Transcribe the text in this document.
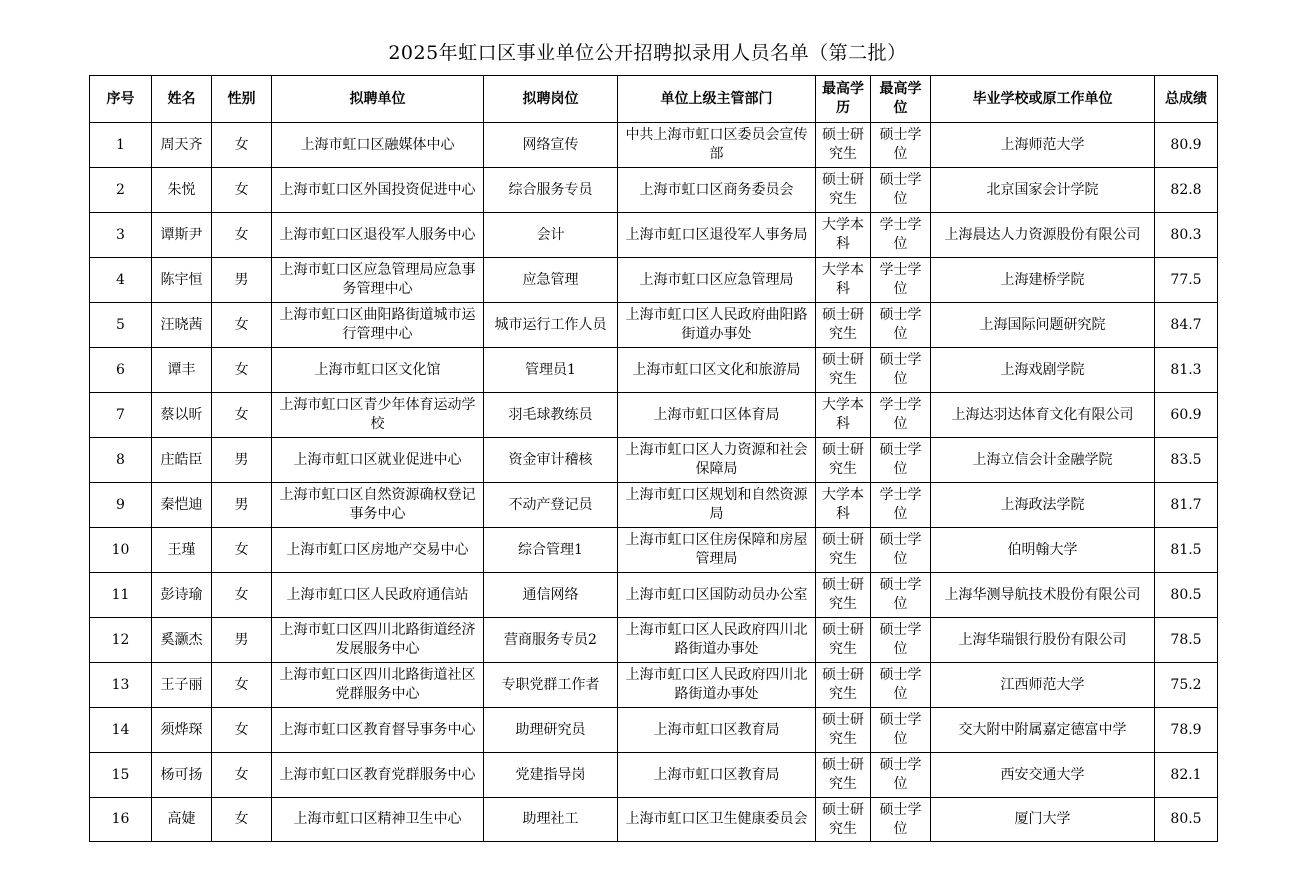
2025年虹口区事业单位公开招聘拟录用人员名单（第二批）
序号	姓名	性别	拟聘单位	拟聘岗位	单位上级主管部门	最高学历	最高学位	毕业学校或原工作单位	总成绩
1	周天齐	女	上海市虹口区融媒体中心	网络宣传	中共上海市虹口区委员会宣传部	硕士研究生	硕士学位	上海师范大学	80.9
2	朱悦	女	上海市虹口区外国投资促进中心	综合服务专员	上海市虹口区商务委员会	硕士研究生	硕士学位	北京国家会计学院	82.8
3	谭斯尹	女	上海市虹口区退役军人服务中心	会计	上海市虹口区退役军人事务局	大学本科	学士学位	上海晨达人力资源股份有限公司	80.3
4	陈宇恒	男	上海市虹口区应急管理局应急事务管理中心	应急管理	上海市虹口区应急管理局	大学本科	学士学位	上海建桥学院	77.5
5	汪晓茜	女	上海市虹口区曲阳路街道城市运行管理中心	城市运行工作人员	上海市虹口区人民政府曲阳路街道办事处	硕士研究生	硕士学位	上海国际问题研究院	84.7
6	谭丰	女	上海市虹口区文化馆	管理员1	上海市虹口区文化和旅游局	硕士研究生	硕士学位	上海戏剧学院	81.3
7	蔡以昕	女	上海市虹口区青少年体育运动学校	羽毛球教练员	上海市虹口区体育局	大学本科	学士学位	上海达羽达体育文化有限公司	60.9
8	庄皓臣	男	上海市虹口区就业促进中心	资金审计稽核	上海市虹口区人力资源和社会保障局	硕士研究生	硕士学位	上海立信会计金融学院	83.5
9	秦恺迪	男	上海市虹口区自然资源确权登记事务中心	不动产登记员	上海市虹口区规划和自然资源局	大学本科	学士学位	上海政法学院	81.7
10	王瑾	女	上海市虹口区房地产交易中心	综合管理1	上海市虹口区住房保障和房屋管理局	硕士研究生	硕士学位	伯明翰大学	81.5
11	彭诗瑜	女	上海市虹口区人民政府通信站	通信网络	上海市虹口区国防动员办公室	硕士研究生	硕士学位	上海华测导航技术股份有限公司	80.5
12	奚灏杰	男	上海市虹口区四川北路街道经济发展服务中心	营商服务专员2	上海市虹口区人民政府四川北路街道办事处	硕士研究生	硕士学位	上海华瑞银行股份有限公司	78.5
13	王子丽	女	上海市虹口区四川北路街道社区党群服务中心	专职党群工作者	上海市虹口区人民政府四川北路街道办事处	硕士研究生	硕士学位	江西师范大学	75.2
14	须烨琛	女	上海市虹口区教育督导事务中心	助理研究员	上海市虹口区教育局	硕士研究生	硕士学位	交大附中附属嘉定德富中学	78.9
15	杨可扬	女	上海市虹口区教育党群服务中心	党建指导岗	上海市虹口区教育局	硕士研究生	硕士学位	西安交通大学	82.1
16	高婕	女	上海市虹口区精神卫生中心	助理社工	上海市虹口区卫生健康委员会	硕士研究生	硕士学位	厦门大学	80.5
